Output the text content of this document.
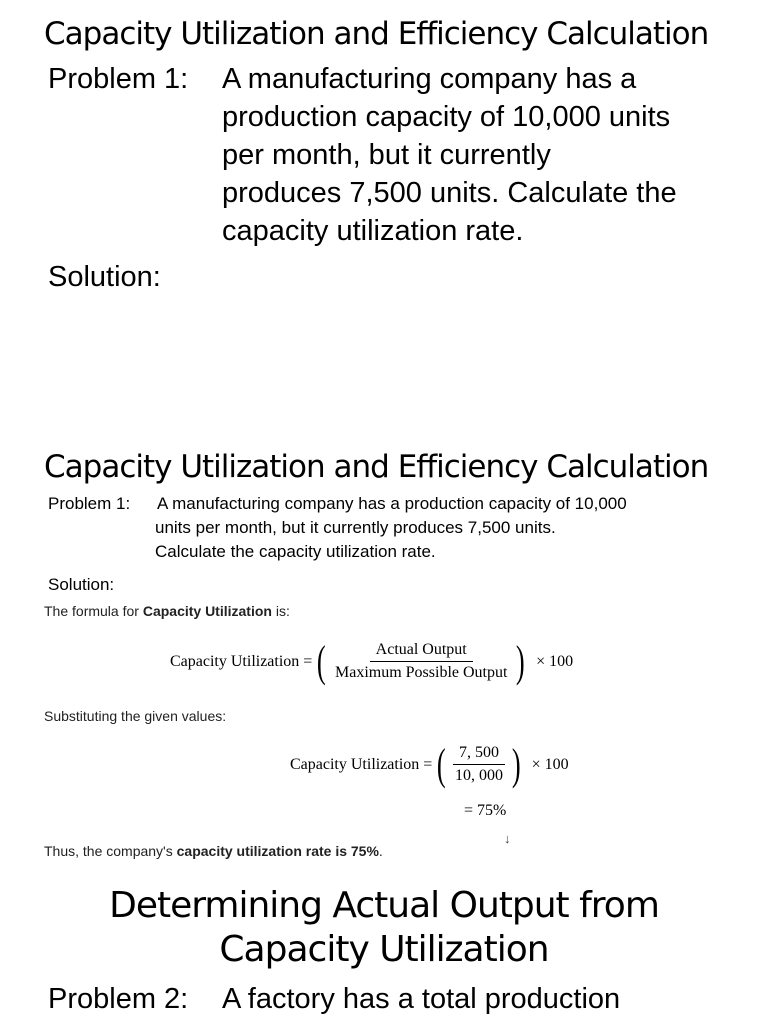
Capacity Utilization and Efficiency Calculation
Problem 1: A manufacturing company has a
production capacity of 10,000 units
per month, but it currently
produces 7,500 units. Calculate the
capacity utilization rate.
Solution:
Capacity Utilization and Efficiency Calculation
Problem 1: A manufacturing company has a production capacity of 10,000
units per month, but it currently produces 7,500 units.
Calculate the capacity utilization rate.
Solution:
The formula for Capacity Utilization is:
Capacity Utilization = ( $\frac{\text{Actual Output}}{\text{Maximum Possible Output}}$ ) × 100
Substituting the given values:
Capacity Utilization = ( $\frac{7, 500}{10, 000}$ ) × 100
= 75%
↓
Thus, the company's capacity utilization rate is 75%.
Determining Actual Output from
Capacity Utilization
Problem 2: A factory has a total production
